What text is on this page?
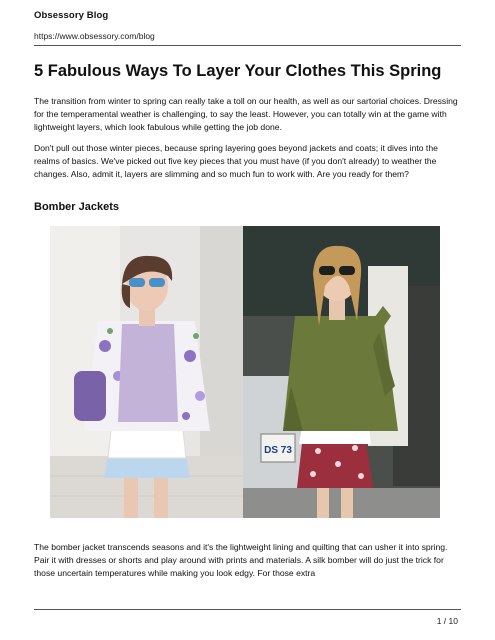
Obsessory Blog
https://www.obsessory.com/blog
5 Fabulous Ways To Layer Your Clothes This Spring

The transition from winter to spring can really take a toll on our health, as well as our sartorial choices. Dressing for the temperamental weather is challenging, to say the least. However, you can totally win at the game with lightweight layers, which look fabulous while getting the job done.

Don't pull out those winter pieces, because spring layering goes beyond jackets and coats; it dives into the realms of basics. We've picked out five key pieces that you must have (if you don't already) to weather the changes. Also, admit it, layers are slimming and so much fun to work with. Are you ready for them?

Bomber Jackets
DS 73

The bomber jacket transcends seasons and it's the lightweight lining and quilting that can usher it into spring. Pair it with dresses or shorts and play around with prints and materials. A silk bomber will do just the trick for those uncertain temperatures while making you look edgy. For those extra

1 / 10
